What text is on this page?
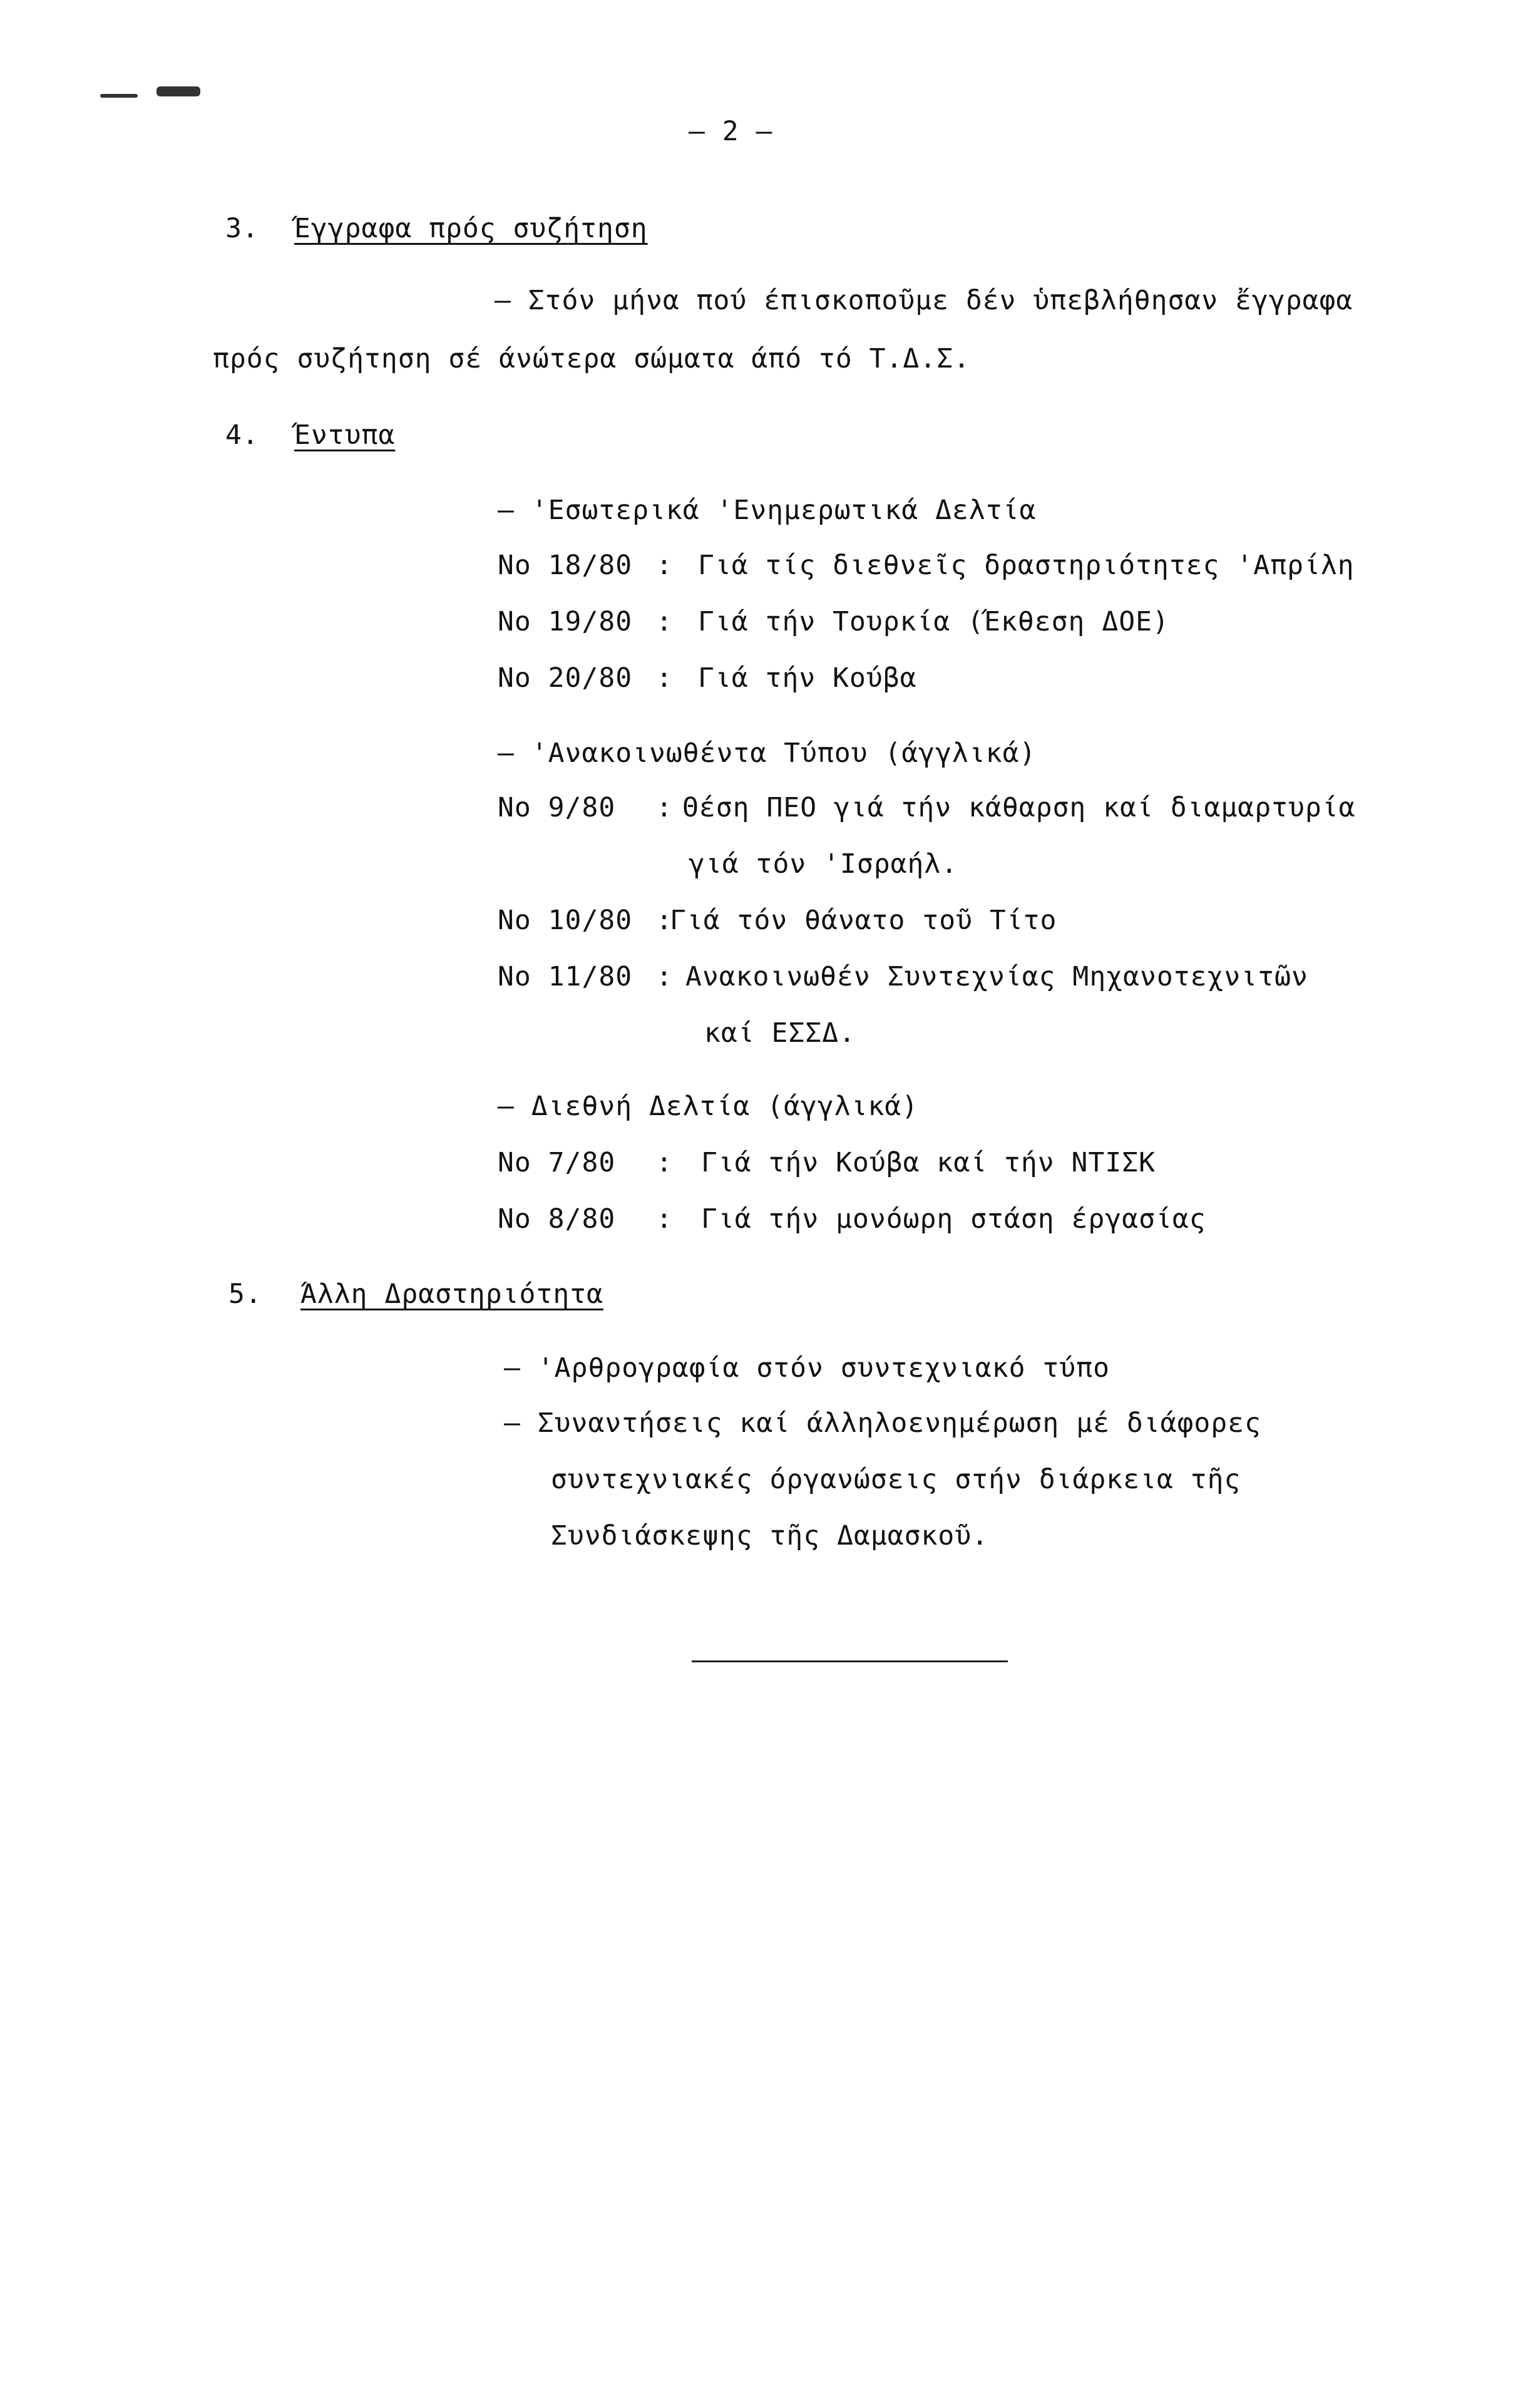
– 2 –
3. Έγγραφα πρός συζήτηση
– Στόν μήνα πού έπισκοποῦμε δέν ὑπεβλήθησαν ἔγγραφα
πρός συζήτηση σέ άνώτερα σώματα άπό τό Τ.Δ.Σ.
4. Έντυπα
– 'Εσωτερικά 'Ενημερωτικά Δελτία
Νο 18/80 : Γιά τίς διεθνεῖς δραστηριότητες 'Απρίλη
Νο 19/80 : Γιά τήν Τουρκία (Έκθεση ΔΟΕ)
Νο 20/80 : Γιά τήν Κούβα
– 'Ανακοινωθέντα Τύπου (άγγλικά)
Νο 9/80 : Θέση ΠΕΟ γιά τήν κάθαρση καί διαμαρτυρία
γιά τόν 'Ισραήλ.
Νο 10/80 :
Γιά τόν θάνατο τοῦ Τίτο
Νο 11/80 : Ανακοινωθέν Συντεχνίας Μηχανοτεχνιτῶν
καί ΕΣΣΔ.
– Διεθνή Δελτία (άγγλικά)
Νο 7/80 : Γιά τήν Κούβα καί τήν ΝΤΙΣΚ
Νο 8/80 : Γιά τήν μονόωρη στάση έργασίας
5. Άλλη Δραστηριότητα
– 'Αρθρογραφία στόν συντεχνιακό τύπο
– Συναντήσεις καί άλληλοενημέρωση μέ διάφορες
συντεχνιακές όργανώσεις στήν διάρκεια τῆς
Συνδιάσκεψης τῆς Δαμασκοῦ.
